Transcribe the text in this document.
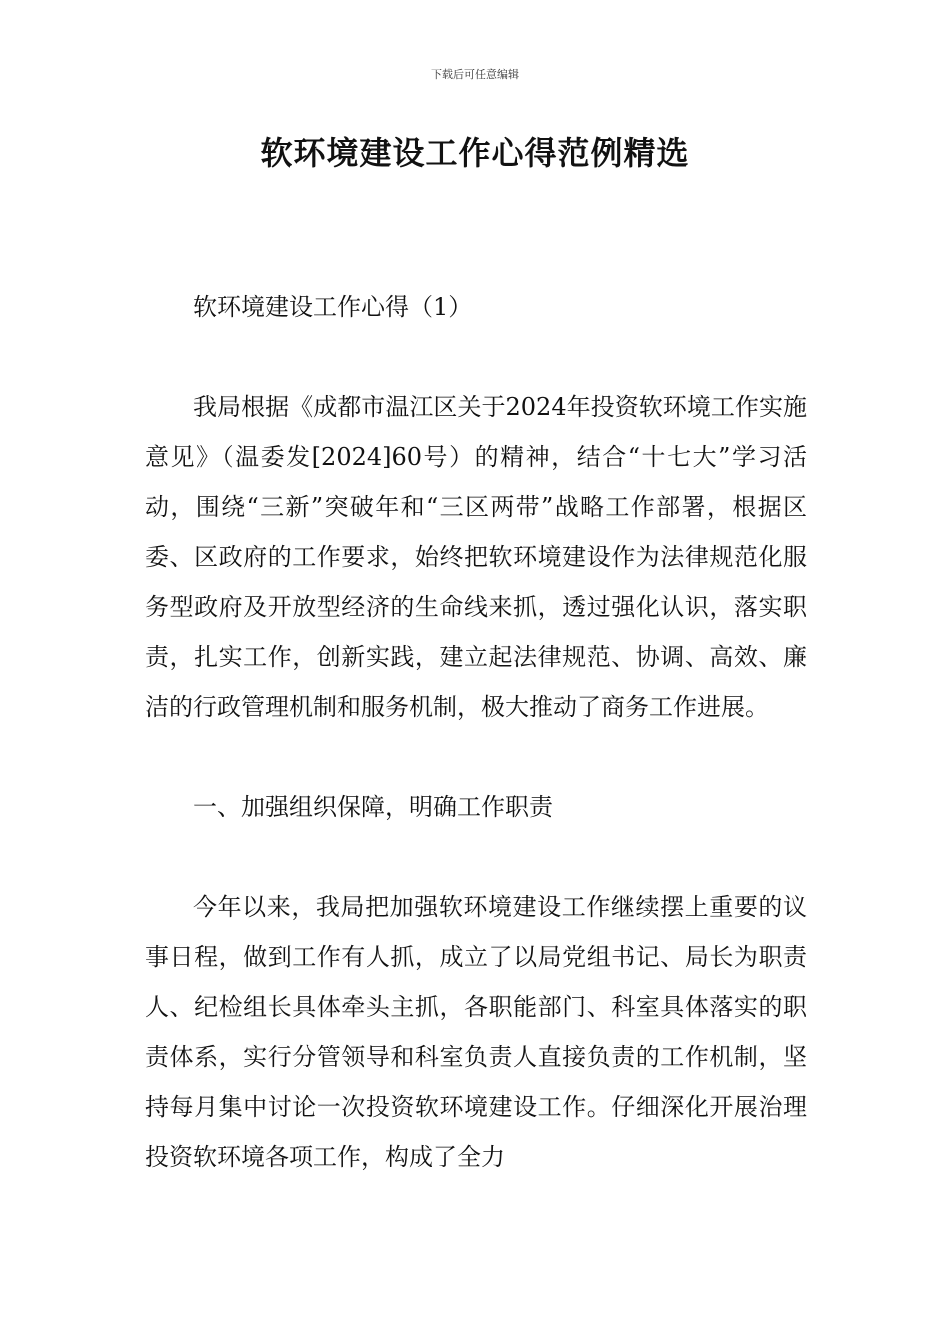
下载后可任意编辑
软环境建设工作心得范例精选

软环境建设工作心得（1）

我局根据《成都市温江区关于2024年投资软环境工作实施意见》（温委发[2024]60号）的精神，结合“十七大”学习活动，围绕“三新”突破年和“三区两带”战略工作部署，根据区委、区政府的工作要求，始终把软环境建设作为法律规范化服务型政府及开放型经济的生命线来抓，透过强化认识，落实职责，扎实工作，创新实践，建立起法律规范、协调、高效、廉洁的行政管理机制和服务机制，极大推动了商务工作进展。

一、加强组织保障，明确工作职责

今年以来，我局把加强软环境建设工作继续摆上重要的议事日程，做到工作有人抓，成立了以局党组书记、局长为职责人、纪检组长具体牵头主抓，各职能部门、科室具体落实的职责体系，实行分管领导和科室负责人直接负责的工作机制，坚持每月集中讨论一次投资软环境建设工作。仔细深化开展治理投资软环境各项工作，构成了全力
